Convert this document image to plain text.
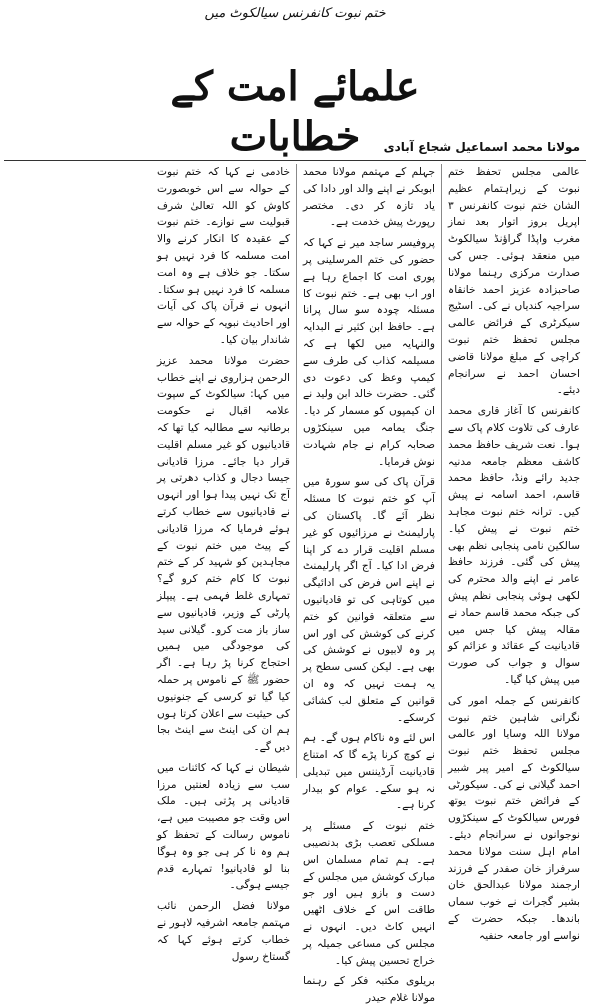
ختم نبوت کانفرنس سیالکوٹ میں
علمائے امت کے خطابات	مولانا محمد اسماعیل شجاع آبادی

عالمی مجلس تحفظ ختم نبوت کے زیراہتمام عظیم الشان ختم نبوت کانفرنس ۳ اپریل بروز اتوار بعد نماز مغرب واپڈا گراؤنڈ سیالکوٹ میں منعقد ہوئی۔ جس کی صدارت مرکزی رہنما مولانا صاحبزادہ عزیز احمد خانقاہ سراجیہ کندیاں نے کی۔ اسٹیج سیکرٹری کے فرائض عالمی مجلس تحفظ ختم نبوت کراچی کے مبلغ مولانا قاضی احسان احمد نے سرانجام دیئے۔

کانفرنس کا آغاز قاری محمد عارف کی تلاوت کلام پاک سے ہوا۔ نعت شریف حافظ محمد کاشف معظم جامعہ مدنیہ جدید رائے ونڈ، حافظ محمد قاسم، احمد اسامہ نے پیش کیں۔ ترانہ ختم نبوت مجاہد ختم نبوت نے پیش کیا۔ سالکین نامی پنجابی نظم بھی پیش کی گئی۔ فرزند حافظ عامر نے اپنے والد محترم کی لکھی ہوئی پنجابی نظم پیش کی جبکہ محمد قاسم حماد نے مقالہ پیش کیا جس میں قادیانیت کے عقائد و عزائم کو سوال و جواب کی صورت میں پیش کیا گیا۔

کانفرنس کے جملہ امور کی نگرانی شاہین ختم نبوت مولانا اللہ وسایا اور عالمی مجلس تحفظ ختم نبوت سیالکوٹ کے امیر پیر شبیر احمد گیلانی نے کی۔ سیکورٹی کے فرائض ختم نبوت یوتھ فورس سیالکوٹ کے سینکڑوں نوجوانوں نے سرانجام دیئے۔ امام اہل سنت مولانا محمد سرفراز خان صفدر کے فرزند ارجمند مولانا عبدالحق خان بشیر گجرات نے خوب سماں باندھا۔ جبکہ حضرت کے نواسے اور جامعہ حنفیہ

جہلم کے مہتمم مولانا محمد ابوبکر نے اپنے والد اور دادا کی یاد تازہ کر دی۔ مختصر رپورٹ پیش خدمت ہے۔

پروفیسر ساجد میر نے کہا کہ حضور کی ختم المرسلینی پر پوری امت کا اجماع رہا ہے اور اب بھی ہے۔ ختم نبوت کا مسئلہ چودہ سو سال پرانا ہے۔ حافظ ابن کثیر نے البدایہ والنہایہ میں لکھا ہے کہ مسیلمہ کذاب کی طرف سے کیمپ وعظ کی دعوت دی گئی۔ حضرت خالد ابن ولید نے ان کیمپوں کو مسمار کر دیا۔ جنگ یمامہ میں سینکڑوں صحابہ کرام نے جام شہادت نوش فرمایا۔

قرآن پاک کی سو سورۃ میں آپ کو ختم نبوت کا مسئلہ نظر آئے گا۔ پاکستان کی پارلیمنٹ نے مرزائیوں کو غیر مسلم اقلیت قرار دے کر اپنا فرض ادا کیا۔ آج اگر پارلیمنٹ نے اپنے اس فرض کی ادائیگی میں کوتاہی کی تو قادیانیوں سے متعلقہ قوانین کو ختم کرنے کی کوشش کی اور اس پر وہ لابیوں نے کوشش کی بھی ہے۔ لیکن کسی سطح پر یہ ہمت نہیں کہ وہ ان قوانین کے متعلق لب کشائی کرسکے۔

اس لئے وہ ناکام ہوں گے۔ ہم نے کوچ کرنا پڑے گا کہ امتناع قادیانیت آرڈیننس میں تبدیلی نہ ہو سکے۔ عوام کو بیدار کرنا ہے۔

ختم نبوت کے مسئلے پر مسلکی تعصب بڑی بدنصیبی ہے۔ ہم تمام مسلمان اس مبارک کوشش میں مجلس کے دست و بازو ہیں اور جو طاقت اس کے خلاف اٹھیں انہیں کاٹ دیں۔ انہوں نے مجلس کی مساعی جمیلہ پر خراج تحسین پیش کیا۔

بریلوی مکتبہ فکر کے رہنما مولانا غلام حیدر

خادمی نے کہا کہ ختم نبوت کے حوالہ سے اس خوبصورت کاوش کو اللہ تعالیٰ شرف قبولیت سے نوازے۔ ختم نبوت کے عقیدہ کا انکار کرنے والا امت مسلمہ کا فرد نہیں ہو سکتا۔ جو خلاف ہے وہ امت مسلمہ کا فرد نہیں ہو سکتا۔ انہوں نے قرآن پاک کی آیات اور احادیث نبویہ کے حوالہ سے شاندار بیان کیا۔

حضرت مولانا محمد عزیز الرحمن ہزاروی نے اپنے خطاب میں کہا: سیالکوٹ کے سپوت علامہ اقبال نے حکومت برطانیہ سے مطالبہ کیا تھا کہ قادیانیوں کو غیر مسلم اقلیت قرار دیا جائے۔ مرزا قادیانی جیسا دجال و کذاب دھرتی پر آج تک نہیں پیدا ہوا اور انہوں نے قادیانیوں سے خطاب کرتے ہوئے فرمایا کہ مرزا قادیانی کے پیٹ میں ختم نبوت کے مجاہدین کو شہید کر کے ختم نبوت کا کام ختم کرو گے؟ تمہاری غلط فہمی ہے۔ پیپلز پارٹی کے وزیر، قادیانیوں سے ساز باز مت کرو۔ گیلانی سید کی موجودگی میں ہمیں احتجاج کرنا پڑ رہا ہے۔ اگر حضور ﷺ کے ناموس پر حملہ کیا گیا تو کرسی کے جنونیوں کی حیثیت سے اعلان کرتا ہوں ہم ان کی اینٹ سے اینٹ بجا دیں گے۔

شیطان نے کہا کہ کائنات میں سب سے زیادہ لعنتیں مرزا قادیانی پر پڑتی ہیں۔ ملک اس وقت جو مصیبت میں ہے، ناموس رسالت کے تحفظ کو ہم وہ نا کر ہی جو وہ ہوگا بنا لو قادیانیو! تمہارے قدم جیسے ہوگی۔

مولانا فضل الرحمن نائب مہتمم جامعہ اشرفیہ لاہور نے خطاب کرتے ہوئے کہا کہ گستاخ رسول
